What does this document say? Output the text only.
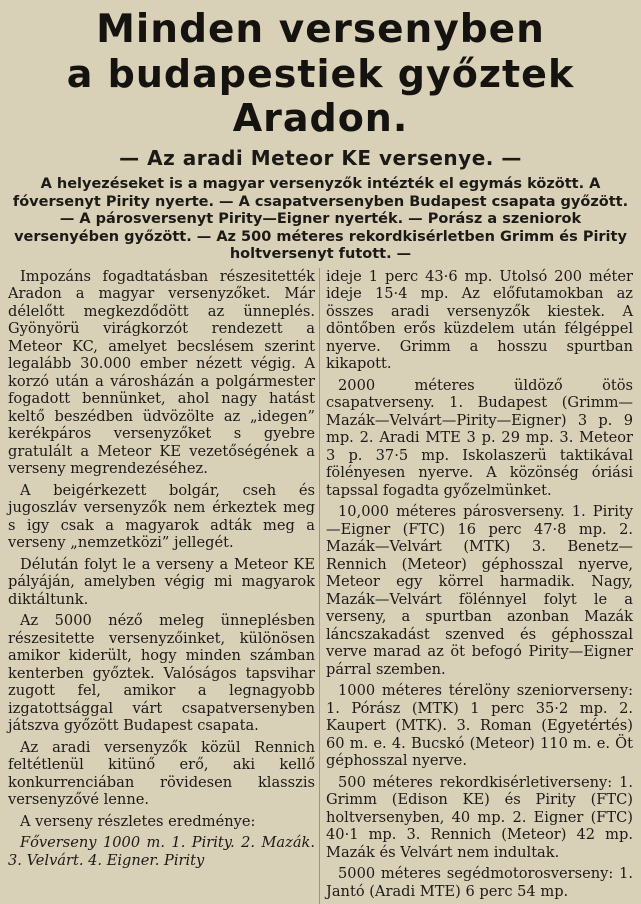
Minden versenyben
a budapestiek győztek Aradon.
— Az aradi Meteor KE versenye. —

A helyezéseket is a magyar versenyzők intézték el egymás között. A fóversenyt Pirity nyerte. — A csapatversenyben Budapest csapata győzött. — A párosversenyt Pirity—Eigner nyerték. — Porász a szeniorok versenyében győzött. — Az 500 méteres rekordkisérletben Grimm és Pirity holtversenyt futott. —

Impozáns fogadtatásban részesitették Aradon a magyar versenyzőket. Már délelőtt megkezdődött az ünneplés. Gyönyörü virágkorzót rendezett a Meteor KC, amelyet becslésem szerint legalább 30.000 ember nézett végig. A korzó után a városházán a polgármester fogadott bennünket, ahol nagy hatást keltő beszédben üdvözölte az „idegen” kerékpáros versenyzőket s gyebre gratulált a Meteor KE vezetőségének a verseny megrendezéséhez.

A beigérkezett bolgár, cseh és jugoszláv versenyzők nem érkeztek meg s igy csak a magyarok adták meg a verseny „nemzetközi” jellegét.

Délután folyt le a verseny a Meteor KE pályáján, amelyben végig mi magyarok diktáltunk.

Az 5000 néző meleg ünneplésben részesitette versenyzőinket, különösen amikor kiderült, hogy minden számban kenterben győztek. Valóságos tapsvihar zugott fel, amikor a legnagyobb izgatottsággal várt csapatversenyben játszva győzött Budapest csapata.

Az aradi versenyzők közül Rennich feltétlenül kitünő erő, aki kellő konkurrenciában rövidesen klasszis versenyzővé lenne.

A verseny részletes eredménye:

Főverseny 1000 m. 1. Pirity. 2. Mazák. 3. Velvárt. 4. Eigner. Pirity

ideje 1 perc 43·6 mp. Utolsó 200 méter ideje 15·4 mp. Az előfutamokban az összes aradi versenyzők kiestek. A döntőben erős küzdelem után félgéppel nyerve. Grimm a hosszu spurtban kikapott.

2000 méteres üldöző ötös csapatverseny. 1. Budapest (Grimm—Mazák—Velvárt—Pirity—Eigner) 3 p. 9 mp. 2. Aradi MTE 3 p. 29 mp. 3. Meteor 3 p. 37·5 mp. Iskolaszerü taktikával fölényesen nyerve. A közönség óriási tapssal fogadta győzelmünket.

10,000 méteres párosverseny. 1. Pirity—Eigner (FTC) 16 perc 47·8 mp. 2. Mazák—Velvárt (MTK) 3. Benetz—Rennich (Meteor) géphosszal nyerve, Meteor egy körrel harmadik. Nagy, Mazák—Velvárt fölénnyel folyt le a verseny, a spurtban azonban Mazák láncszakadást szenved és géphosszal verve marad az öt befogó Pirity—Eigner párral szemben.

1000 méteres térelöny szeniorverseny: 1. Pórász (MTK) 1 perc 35·2 mp. 2. Kaupert (MTK). 3. Roman (Egyetértés) 60 m. e. 4. Bucskó (Meteor) 110 m. e. Öt géphosszal nyerve.

500 méteres rekordkisérletiverseny: 1. Grimm (Edison KE) és Pirity (FTC) holtversenyben, 40 mp. 2. Eigner (FTC) 40·1 mp. 3. Rennich (Meteor) 42 mp. Mazák és Velvárt nem indultak.

5000 méteres segédmotorosverseny: 1. Jantó (Aradi MTE) 6 perc 54 mp.
